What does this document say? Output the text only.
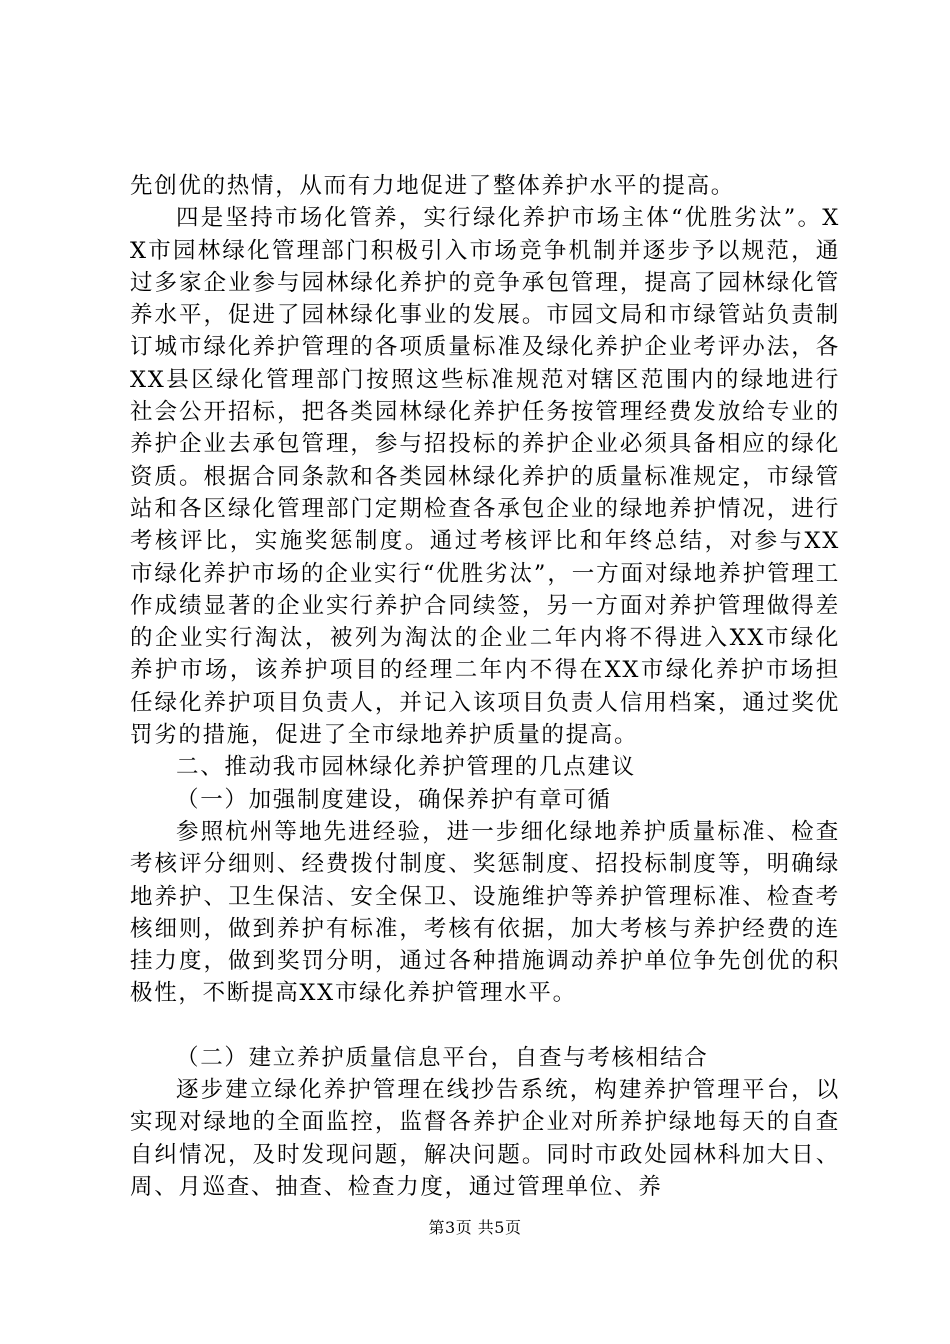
先创优的热情，从而有力地促进了整体养护水平的提高。

四是坚持市场化管养，实行绿化养护市场主体“优胜劣汰”。XX市园林绿化管理部门积极引入市场竞争机制并逐步予以规范，通过多家企业参与园林绿化养护的竞争承包管理，提高了园林绿化管养水平，促进了园林绿化事业的发展。市园文局和市绿管站负责制订城市绿化养护管理的各项质量标准及绿化养护企业考评办法，各XX县区绿化管理部门按照这些标准规范对辖区范围内的绿地进行社会公开招标，把各类园林绿化养护任务按管理经费发放给专业的养护企业去承包管理，参与招投标的养护企业必须具备相应的绿化资质。根据合同条款和各类园林绿化养护的质量标准规定，市绿管站和各区绿化管理部门定期检查各承包企业的绿地养护情况，进行考核评比，实施奖惩制度。通过考核评比和年终总结，对参与XX市绿化养护市场的企业实行“优胜劣汰”，一方面对绿地养护管理工作成绩显著的企业实行养护合同续签，另一方面对养护管理做得差的企业实行淘汰，被列为淘汰的企业二年内将不得进入XX市绿化养护市场，该养护项目的经理二年内不得在XX市绿化养护市场担任绿化养护项目负责人，并记入该项目负责人信用档案，通过奖优罚劣的措施，促进了全市绿地养护质量的提高。

二、推动我市园林绿化养护管理的几点建议

（一）加强制度建设，确保养护有章可循

参照杭州等地先进经验，进一步细化绿地养护质量标准、检查考核评分细则、经费拨付制度、奖惩制度、招投标制度等，明确绿地养护、卫生保洁、安全保卫、设施维护等养护管理标准、检查考核细则，做到养护有标准，考核有依据，加大考核与养护经费的连挂力度，做到奖罚分明，通过各种措施调动养护单位争先创优的积极性，不断提高XX市绿化养护管理水平。

（二）建立养护质量信息平台，自查与考核相结合

逐步建立绿化养护管理在线抄告系统，构建养护管理平台，以实现对绿地的全面监控，监督各养护企业对所养护绿地每天的自查自纠情况，及时发现问题，解决问题。同时市政处园林科加大日、周、月巡查、抽查、检查力度，通过管理单位、养

第3页 共5页
